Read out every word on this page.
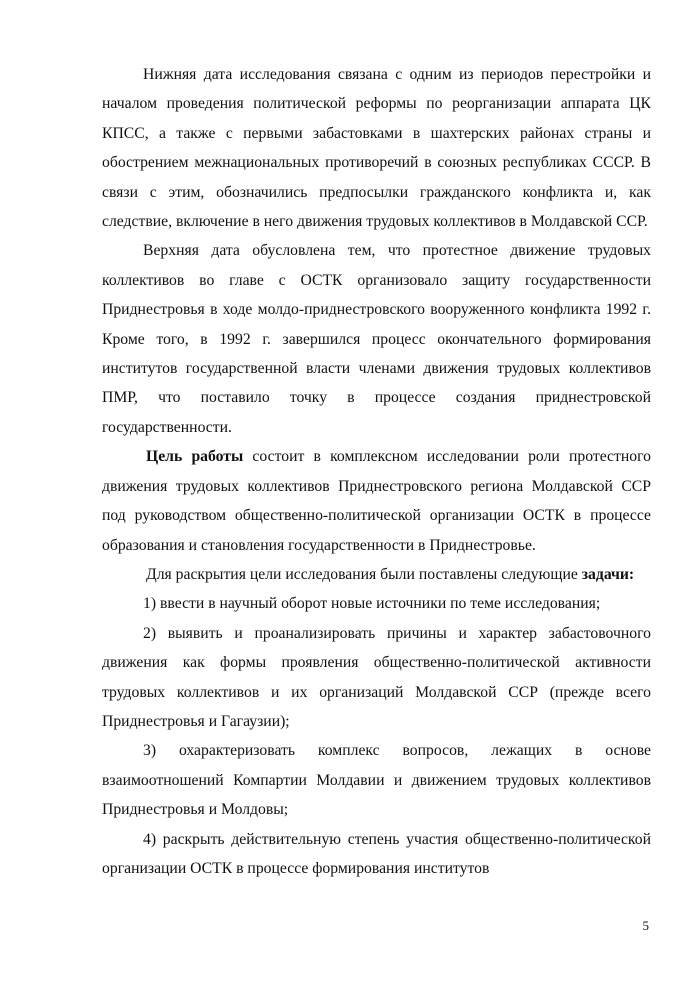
Нижняя дата исследования связана с одним из периодов перестройки и началом проведения политической реформы по реорганизации аппарата ЦК КПСС, а также с первыми забастовками в шахтерских районах страны и обострением межнациональных противоречий в союзных республиках СССР. В связи с этим, обозначились предпосылки гражданского конфликта и, как следствие, включение в него движения трудовых коллективов в Молдавской ССР.

Верхняя дата обусловлена тем, что протестное движение трудовых коллективов во главе с ОСТК организовало защиту государственности Приднестровья в ходе молдо-приднестровского вооруженного конфликта 1992 г. Кроме того, в 1992 г. завершился процесс окончательного формирования институтов государственной власти членами движения трудовых коллективов ПМР, что поставило точку в процессе создания приднестровской государственности.

Цель работы состоит в комплексном исследовании роли протестного движения трудовых коллективов Приднестровского региона Молдавской ССР под руководством общественно-политической организации ОСТК в процессе образования и становления государственности в Приднестровье.

Для раскрытия цели исследования были поставлены следующие задачи:

1) ввести в научный оборот новые источники по теме исследования;

2) выявить и проанализировать причины и характер забастовочного движения как формы проявления общественно-политической активности трудовых коллективов и их организаций Молдавской ССР (прежде всего Приднестровья и Гагаузии);

3) охарактеризовать комплекс вопросов, лежащих в основе взаимоотношений Компартии Молдавии и движением трудовых коллективов Приднестровья и Молдовы;

4) раскрыть действительную степень участия общественно-политической организации ОСТК в процессе формирования институтов

5
